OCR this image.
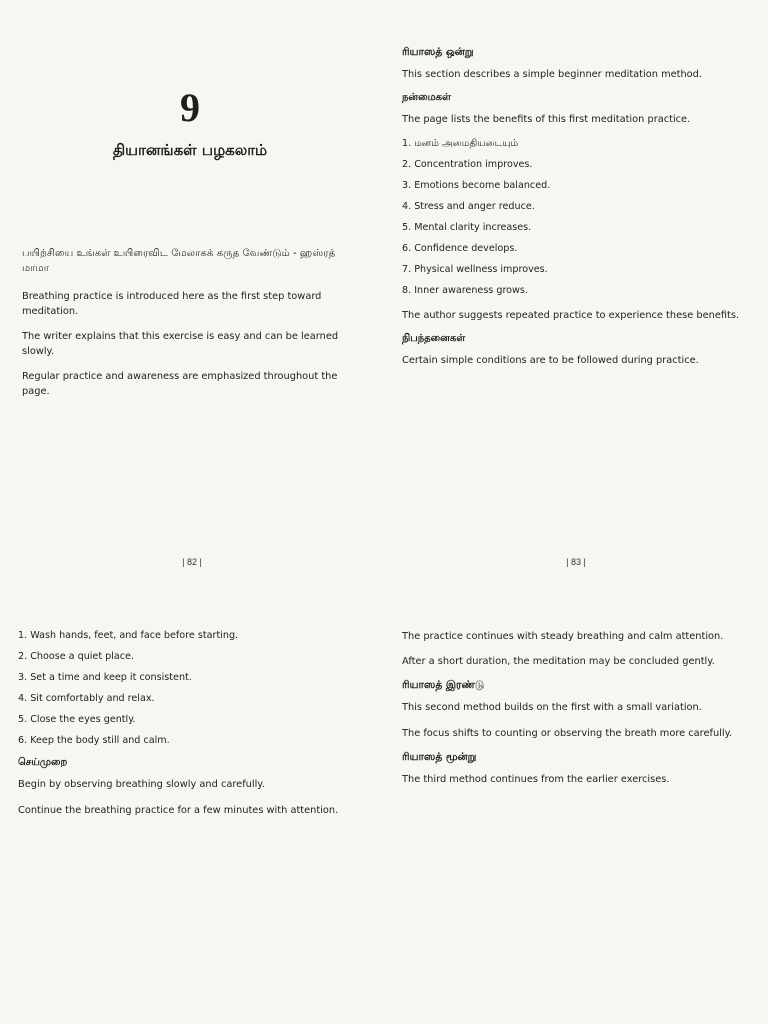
9
தியானங்கள் பழகலாம்
பயிற்சியை உங்கள் உயிரைவிட மேலாகக் கருத வேண்டும் - ஹஸ்ரத் மாமா

Breathing practice is introduced here as the first step toward meditation.

The writer explains that this exercise is easy and can be learned slowly.

Regular practice and awareness are emphasized throughout the page.

| 82 |
ரியாஸத் ஒன்று

This section describes a simple beginner meditation method.

நன்மைகள்

The page lists the benefits of this first meditation practice.

1. மனம் அமைதியடையும்
2. Concentration improves.
3. Emotions become balanced.
4. Stress and anger reduce.
5. Mental clarity increases.
6. Confidence develops.
7. Physical wellness improves.
8. Inner awareness grows.

The author suggests repeated practice to experience these benefits.

நிபந்தனைகள்

Certain simple conditions are to be followed during practice.

| 83 |
1. Wash hands, feet, and face before starting.
2. Choose a quiet place.
3. Set a time and keep it consistent.
4. Sit comfortably and relax.
5. Close the eyes gently.
6. Keep the body still and calm.
செய்முறை

Begin by observing breathing slowly and carefully.

Continue the breathing practice for a few minutes with attention.

The practice continues with steady breathing and calm attention.

After a short duration, the meditation may be concluded gently.

ரியாஸத் இரண்டு

This second method builds on the first with a small variation.

The focus shifts to counting or observing the breath more carefully.

ரியாஸத் மூன்று

The third method continues from the earlier exercises.
